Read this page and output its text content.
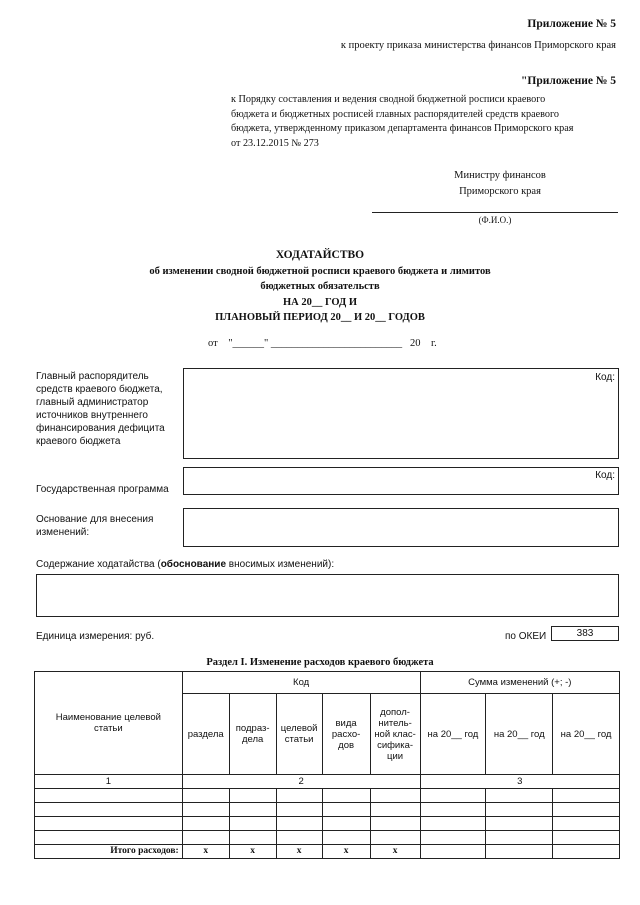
Приложение № 5
к проекту приказа министерства финансов Приморского края
"Приложение № 5
к Порядку составления и ведения сводной бюджетной росписи краевого
бюджета и бюджетных росписей главных распорядителей средств краевого
бюджета, утвержденному приказом департамента финансов Приморского края
от 23.12.2015 № 273
Министру финансов
Приморского края
(Ф.И.О.)
ХОДАТАЙСТВО
об изменении сводной бюджетной росписи краевого бюджета и лимитов
бюджетных обязательств
НА 20__ ГОД И
ПЛАНОВЫЙ ПЕРИОД 20__ И 20__ ГОДОВ
от "______" _________________________ 20 г.
Главный распорядитель
средств краевого бюджета,
главный администратор
источников внутреннего
финансирования дефицита
краевого бюджета
Код:
Государственная программа
Код:
Основание для внесения
изменений:
Содержание ходатайства (обоснование вносимых изменений):
Единица измерения: руб.	по ОКЕИ	383
Раздел I. Изменение расходов краевого бюджета
Наименование целевой статьи	Код					Сумма изменений (+; -)		
	раздела	подраз-дела	целевой статьи	вида расхо-дов	допол-нитель-ной клас-сифика-ции	на 20__ год	на 20__ год	на 20__ год
1	2					3		

Итого расходов:	x	x	x	x	x			
